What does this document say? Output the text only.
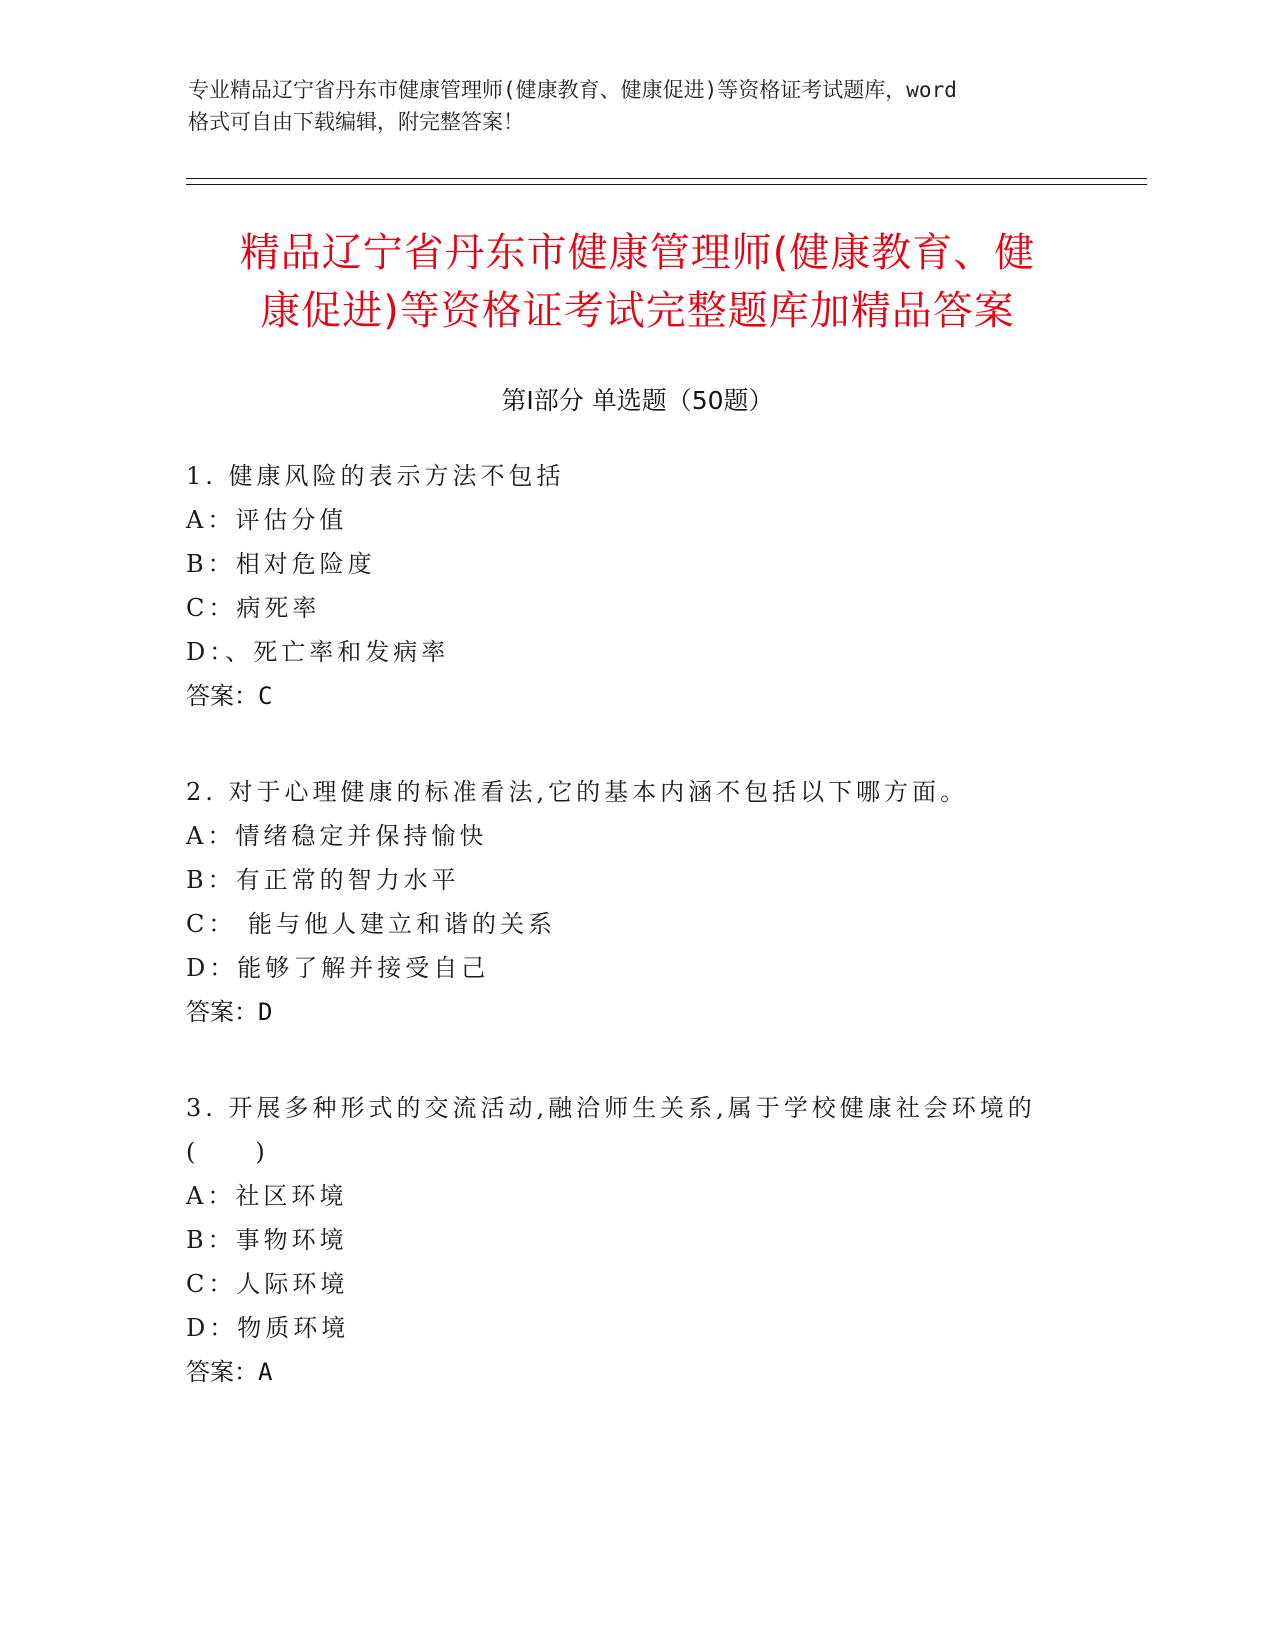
专业精品辽宁省丹东市健康管理师(健康教育、健康促进)等资格证考试题库，word
格式可自由下载编辑，附完整答案！
精品辽宁省丹东市健康管理师(健康教育、健
康促进)等资格证考试完整题库加精品答案
第Ⅰ部分 单选题（50题）
1. 健康风险的表示方法不包括
A：评估分值
B：相对危险度
C：病死率
D：、死亡率和发病率
答案：C
2. 对于心理健康的标准看法,它的基本内涵不包括以下哪方面。
A：情绪稳定并保持愉快
B：有正常的智力水平
C： 能与他人建立和谐的关系
D：能够了解并接受自己
答案：D
3. 开展多种形式的交流活动,融洽师生关系,属于学校健康社会环境的
(　　)
A：社区环境
B：事物环境
C：人际环境
D：物质环境
答案：A
